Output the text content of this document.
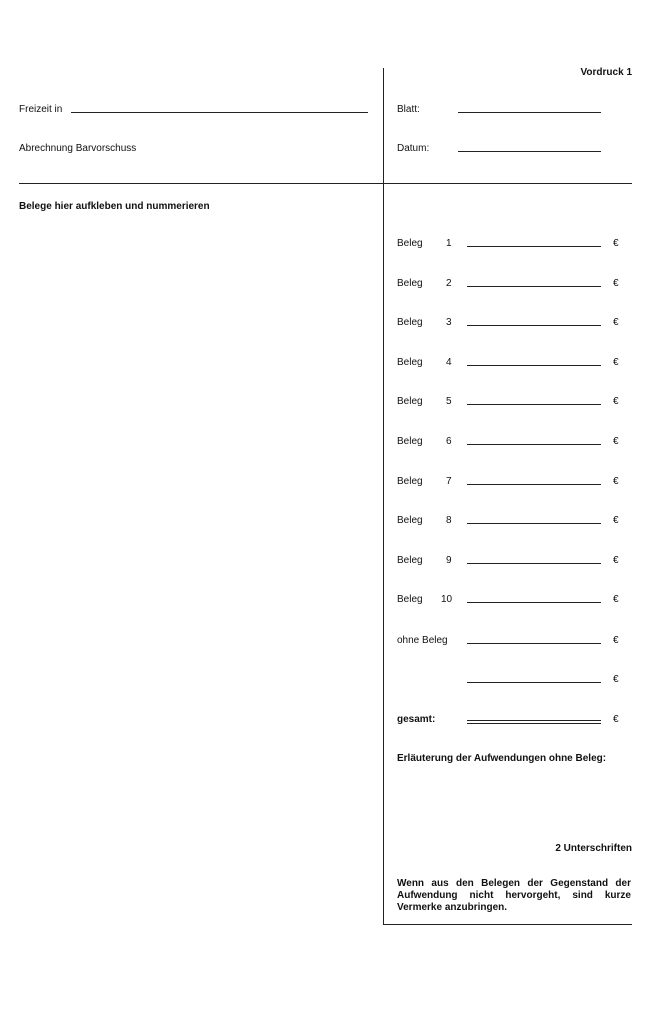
Vordruck 1
Freizeit in
Abrechnung Barvorschuss
Blatt:
Datum:
Belege hier aufkleben und nummerieren
Beleg 1	€
Beleg 2	€
Beleg 3	€
Beleg 4	€
Beleg 5	€
Beleg 6	€
Beleg 7	€
Beleg 8	€
Beleg 9	€
Beleg 10	€
ohne Beleg	€
€
gesamt:	€
Erläuterung der Aufwendungen ohne Beleg:
2 Unterschriften
Wenn aus den Belegen der Gegenstand der Aufwendung nicht hervorgeht, sind kurze Vermerke anzubringen.
